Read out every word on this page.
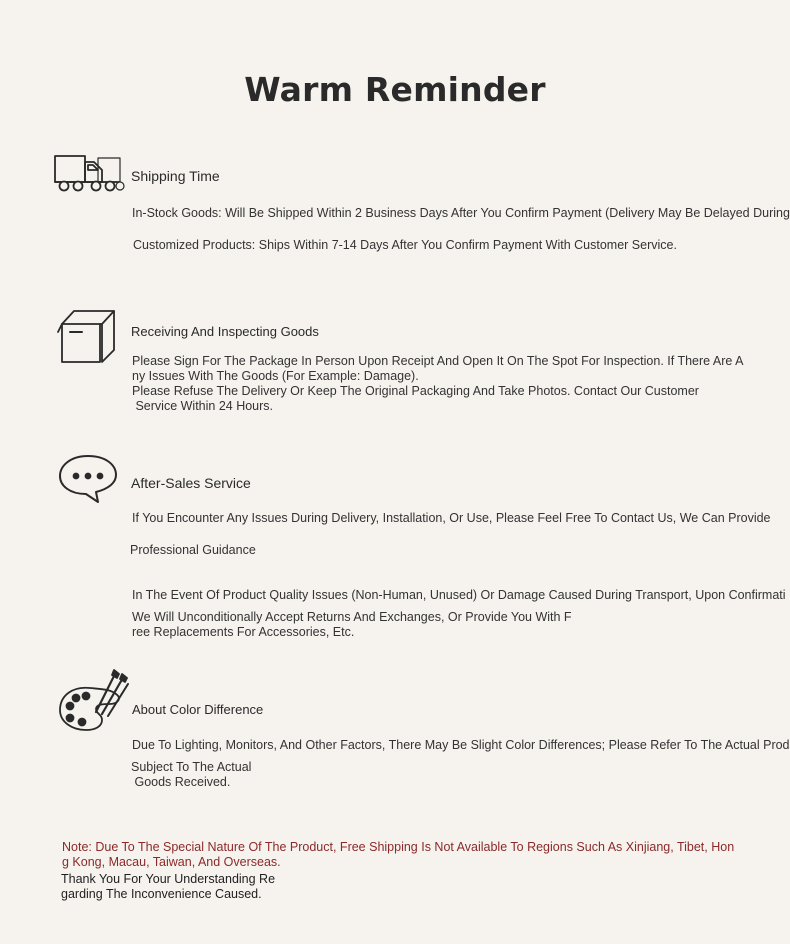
Warm Reminder
Shipping Time
In-Stock Goods: Will Be Shipped Within 2 Business Days After You Confirm Payment (Delivery May Be Delayed During
Customized Products: Ships Within 7-14 Days After You Confirm Payment With Customer Service.
Receiving And Inspecting Goods
Please Sign For The Package In Person Upon Receipt And Open It On The Spot For Inspection. If There Are A
ny Issues With The Goods (For Example: Damage).
Please Refuse The Delivery Or Keep The Original Packaging And Take Photos. Contact Our Customer
Service Within 24 Hours.
After-Sales Service
If You Encounter Any Issues During Delivery, Installation, Or Use, Please Feel Free To Contact Us, We Can Provide
Professional Guidance
In The Event Of Product Quality Issues (Non-Human, Unused) Or Damage Caused During Transport, Upon Confirmati
We Will Unconditionally Accept Returns And Exchanges, Or Provide You With F
ree Replacements For Accessories, Etc.
About Color Difference
Due To Lighting, Monitors, And Other Factors, There May Be Slight Color Differences; Please Refer To The Actual Prod
Subject To The Actual
Goods Received.
Note: Due To The Special Nature Of The Product, Free Shipping Is Not Available To Regions Such As Xinjiang, Tibet, Hon
g Kong, Macau, Taiwan, And Overseas.
Thank You For Your Understanding Re
garding The Inconvenience Caused.
